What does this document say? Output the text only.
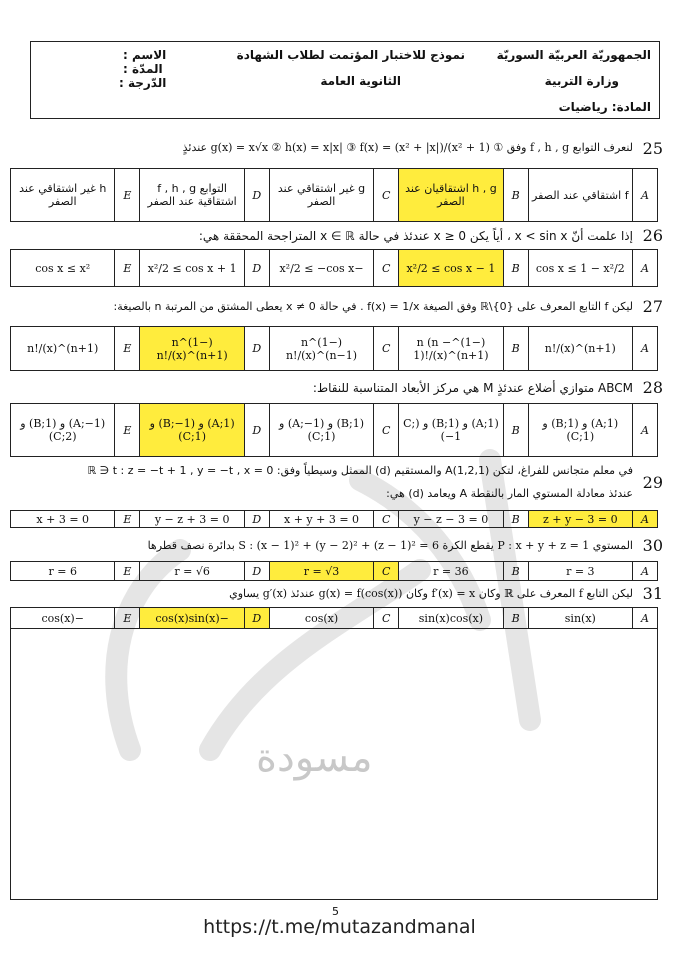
الجمهوريّة العربيّة السوريّة
وزارة التربية
المادة: رياضيات
نموذج للاختبار المؤتمت لطلاب الشهادة
الثانوية العامة
الاسم :
المدّة :
الدّرجة :
25
لنعرف التوابع f , h , g وفق ① g(x) = x√x ② h(x) = x|x| ③ f(x) = (x² + |x|)/(x² + 1) عندئذٍ
A	f اشتقاقي عند الصفر	B	h , g اشتقاقيان عند الصفر	C	g غير اشتقاقي عند الصفر	D	التوابع f , h , g اشتقاقية عند الصفر	E	h غير اشتقاقي عند الصفر
26
إذا علمت أنّ x < sin x ، أياً يكن x ≥ 0 عندئذ في حالة x ∈ ℝ المتراجحة المحققة هي:
A	cos x ≤ 1 − x²/2	B	1 − x²/2 ≤ cos x	C	−x²/2 ≤ −cos x	D	1 + x²/2 ≤ cos x	E	cos x ≤ x²
27
ليكن f التابع المعرف على ℝ\{0} وفق الصيغة f(x) = 1/x . في حالة x ≠ 0 يعطى المشتق من المرتبة n بالصيغة:
A	n!/(x)^(n+1)	B	(−1)^n (n − 1)!/(x)^(n+1)	C	(−1)^n n!/(x)^(n−1)	D	(−1)^n n!/(x)^(n+1)	E	n!/(x)^(n+1)
28
ABCM متوازي أضلاع عندئذٍ M هي مركز الأبعاد المتناسبة للنقاط:
A	(A;1) و (B;1) و (C;1)	B	(A;1) و (B;1) و (C;−1)	C	(B;1) و (A;−1) و (C;1)	D	(A;1) و (B;−1) و (C;1)	E	(A;−1) و (B;1) و (C;2)
29
في معلم متجانس للفراغ، لتكن A(1,2,1) والمستقيم (d) الممثل وسيطياً وفق: ℝ ∋ t : z = −t + 1 , y = −t , x = 0
عندئذ معادلة المستوي المار بالنقطة A ويعامد (d) هي:
A	z + y − 3 = 0	B	y − z − 3 = 0	C	x + y + 3 = 0	D	y − z + 3 = 0	E	x + 3 = 0
30
المستوي P : x + y + z = 1 يقطع الكرة S : (x − 1)² + (y − 2)² + (z − 1)² = 6 بدائرة نصف قطرها
A	r = 3	B	r = 36	C	r = √3	D	r = √6	E	r = 6
31
ليكن التابع f المعرف على ℝ وكان f′(x) = x وكان g(x) = f(cos(x)) عندئذ g′(x) يساوي
A	sin(x)	B	sin(x)cos(x)	C	cos(x)	D	−cos(x)sin(x)	E	−cos(x)
مسودة
5
https://t.me/mutazandmanal
